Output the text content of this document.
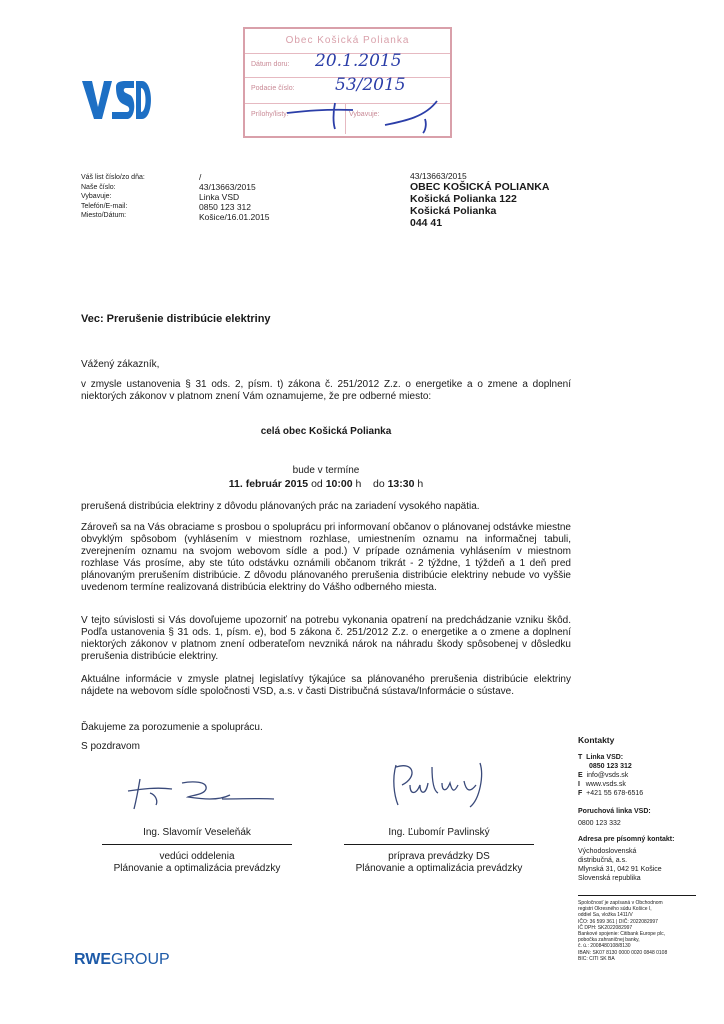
Obec Košická Polianka
Dátum doru: 20.1.2015
Podacie číslo: 53/2015
Prílohy/listy:	Vybavuje:
Váš list číslo/zo dňa:
Naše číslo:
Vybavuje:
Telefón/E-mail:
Miesto/Dátum:
/
43/13663/2015
Linka VSD
0850 123 312
Košice/16.01.2015
43/13663/2015
OBEC KOŠICKÁ POLIANKA
Košická Polianka 122
Košická Polianka
044 41
Vec: Prerušenie distribúcie elektriny
Vážený zákazník,
v zmysle ustanovenia § 31 ods. 2, písm. t) zákona č. 251/2012 Z.z. o energetike a o zmene a doplnení niektorých zákonov v platnom znení Vám oznamujeme, že pre odberné miesto:
celá obec Košická Polianka
bude v termíne
11. február 2015 od 10:00 h do 13:30 h
prerušená distribúcia elektriny z dôvodu plánovaných prác na zariadení vysokého napätia.
Zároveň sa na Vás obraciame s prosbou o spoluprácu pri informovaní občanov o plánovanej odstávke miestne obvyklým spôsobom (vyhlásením v miestnom rozhlase, umiestnením oznamu na informačnej tabuli, zverejnením oznamu na svojom webovom sídle a pod.) V prípade oznámenia vyhlásením v miestnom rozhlase Vás prosíme, aby ste túto odstávku oznámili občanom trikrát - 2 týždne, 1 týždeň a 1 deň pred plánovaným prerušením distribúcie. Z dôvodu plánovaného prerušenia distribúcie elektriny nebude vo vyššie uvedenom termíne realizovaná distribúcia elektriny do Vášho odberného miesta.
V tejto súvislosti si Vás dovoľujeme upozorniť na potrebu vykonania opatrení na predchádzanie vzniku škôd. Podľa ustanovenia § 31 ods. 1, písm. e), bod 5 zákona č. 251/2012 Z.z. o energetike a o zmene a doplnení niektorých zákonov v platnom znení odberateľom nevzniká nárok na náhradu škody spôsobenej v dôsledku prerušenia distribúcie elektriny.
Aktuálne informácie v zmysle platnej legislatívy týkajúce sa plánovaného prerušenia distribúcie elektriny nájdete na webovom sídle spoločnosti VSD, a.s. v časti Distribučná sústava/Informácie o sústave.
Ďakujeme za porozumenie a spoluprácu.
S pozdravom
Ing. Slavomír Veseleňák
vedúci oddelenia
Plánovanie a optimalizácia prevádzky
Ing. Ľubomír Pavlinský
príprava prevádzky DS
Plánovanie a optimalizácia prevádzky
Kontakty
T Linka VSD:
0850 123 312
E info@vsds.sk
I www.vsds.sk
F +421 55 678-6516
Poruchová linka VSD:
0800 123 332
Adresa pre písomný kontakt:
Východoslovenská
distribučná, a.s.
Mlynská 31, 042 91 Košice
Slovenská republika
Spoločnosť je zapísaná v Obchodnom
registri Okresného súdu Košice I,
oddiel Sa, vložka 1411/V
IČO: 36 599 361 | DIČ: 2022082997
IČ DPH: SK2022082997
Bankové spojenie: Citibank Europe plc,
pobočka zahraničnej banky,
č. ú.: 2008480108/8130
IBAN: SK07 8130 0000 0020 0848 0108
BIC: CITI SK BA
RWEGROUP
